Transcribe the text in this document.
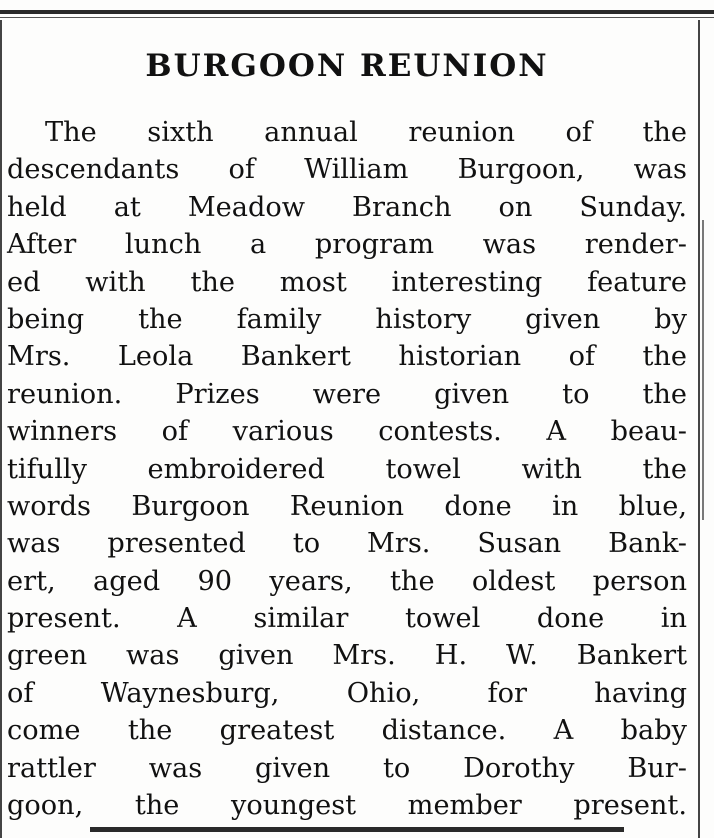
BURGOON REUNION
The sixth annual reunion of the
descendants of William Burgoon, was
held at Meadow Branch on Sunday.
After lunch a program was render-
ed with the most interesting feature
being the family history given by
Mrs. Leola Bankert historian of the
reunion. Prizes were given to the
winners of various contests. A beau-
tifully embroidered towel with the
words Burgoon Reunion done in blue,
was presented to Mrs. Susan Bank-
ert, aged 90 years, the oldest person
present. A similar towel done in
green was given Mrs. H. W. Bankert
of Waynesburg, Ohio, for having
come the greatest distance. A baby
rattler was given to Dorothy Bur-
goon, the youngest member present.
